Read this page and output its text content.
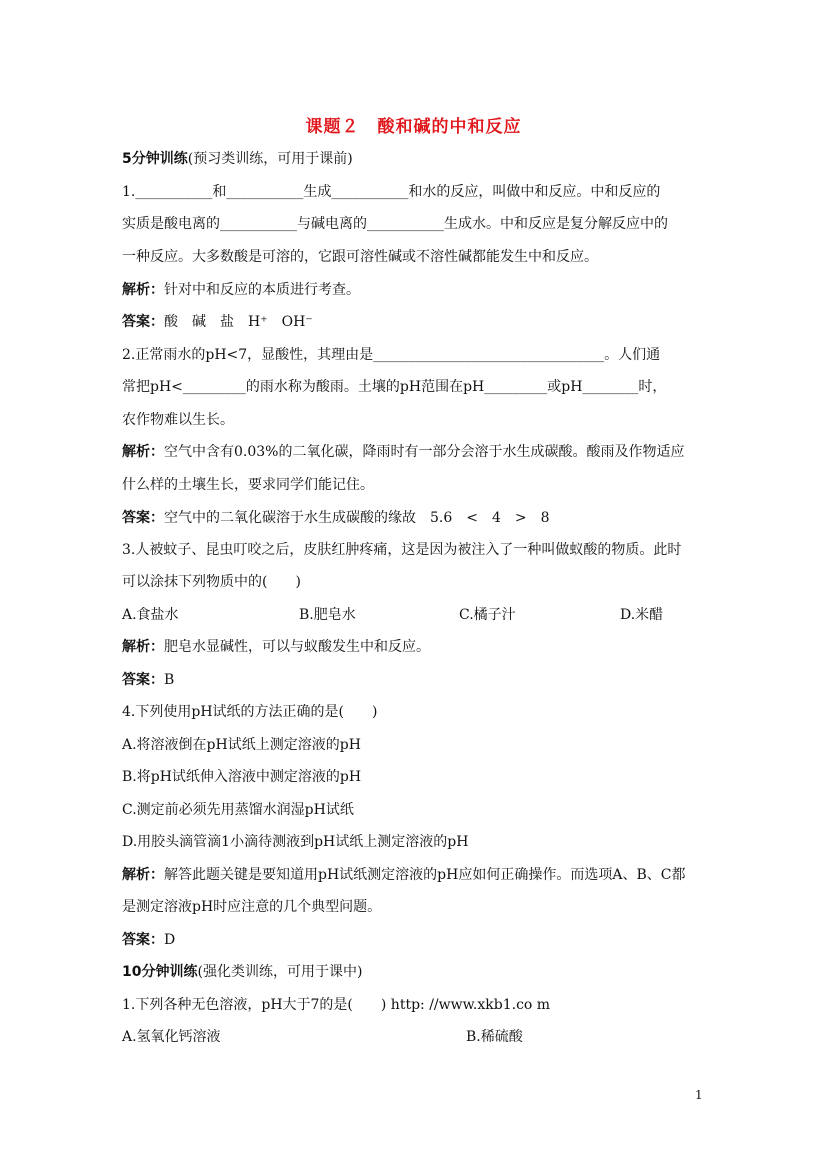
课题２　酸和碱的中和反应
5分钟训练(预习类训练，可用于课前)
1.___________和___________生成___________和水的反应，叫做中和反应。中和反应的
实质是酸电离的___________与碱电离的___________生成水。中和反应是复分解反应中的
一种反应。大多数酸是可溶的，它跟可溶性碱或不溶性碱都能发生中和反应。
解析：针对中和反应的本质进行考查。
答案：酸　碱　盐　H⁺　OH⁻
2.正常雨水的pH<7，显酸性，其理由是_________________________________。人们通
常把pH<_________的雨水称为酸雨。土壤的pH范围在pH_________或pH________时，
农作物难以生长。
解析：空气中含有0.03%的二氧化碳，降雨时有一部分会溶于水生成碳酸。酸雨及作物适应
什么样的土壤生长，要求同学们能记住。
答案：空气中的二氧化碳溶于水生成碳酸的缘故　5.6　<　4　>　8
3.人被蚊子、昆虫叮咬之后，皮肤红肿疼痛，这是因为被注入了一种叫做蚁酸的物质。此时
可以涂抹下列物质中的(　　)
A.食盐水	B.肥皂水	C.橘子汁	D.米醋
解析：肥皂水显碱性，可以与蚁酸发生中和反应。
答案：B
4.下列使用pH试纸的方法正确的是(　　)
A.将溶液倒在pH试纸上测定溶液的pH
B.将pH试纸伸入溶液中测定溶液的pH
C.测定前必须先用蒸馏水润湿pH试纸
D.用胶头滴管滴1小滴待测液到pH试纸上测定溶液的pH
解析：解答此题关键是要知道用pH试纸测定溶液的pH应如何正确操作。而选项A、B、C都
是测定溶液pH时应注意的几个典型问题。
答案：D
10分钟训练(强化类训练，可用于课中)
1.下列各种无色溶液，pH大于7的是(　　) http: //www.xkb1.co m
A.氢氧化钙溶液	B.稀硫酸
1
